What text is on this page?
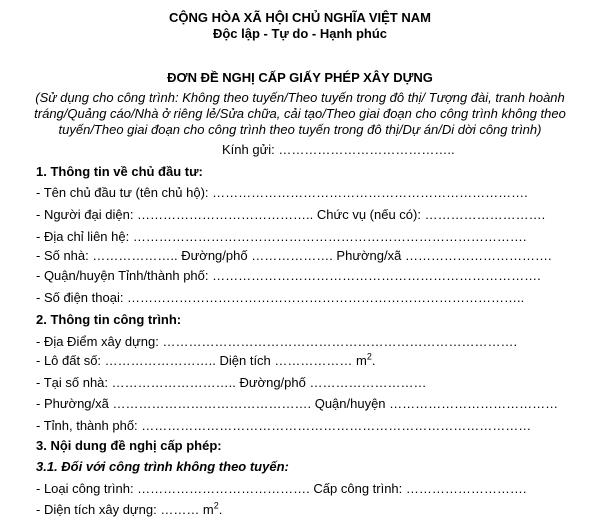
CỘNG HÒA XÃ HỘI CHỦ NGHĨA VIỆT NAM
Độc lập - Tự do - Hạnh phúc
ĐƠN ĐỀ NGHỊ CẤP GIẤY PHÉP XÂY DỰNG
(Sử dụng cho công trình: Không theo tuyến/Theo tuyến trong đô thị/ Tượng đài, tranh hoành
tráng/Quảng cáo/Nhà ở riêng lẻ/Sửa chữa, cải tạo/Theo giai đoạn cho công trình không theo
tuyến/Theo giai đoạn cho công trình theo tuyến trong đô thị/Dự án/Di dời công trình)
Kính gửi: …………………………………..
1. Thông tin về chủ đầu tư:
- Tên chủ đầu tư (tên chủ hộ): ……………………………………………………………….
- Người đại diện: ………………………………….. Chức vụ (nếu có): ……………………….
- Địa chỉ liên hệ: ……………………………………………………………………………….
- Số nhà: ……………….. Đường/phố ………………. Phường/xã …………………………….
- Quận/huyện Tỉnh/thành phố: ………………………………………………………………….
- Số điện thoại: ………………………………………………………………………………..
2. Thông tin công trình:
- Địa Điểm xây dựng: ……………………………………………………………………….
- Lô đất số: …………………….. Diện tích ……………… $m^2$.
- Tại số nhà: ……………………….. Đường/phố ………………………
- Phường/xã ………………………………………. Quận/huyện …………………………………
- Tỉnh, thành phố: ………………………………………………………………………………
3. Nội dung đề nghị cấp phép:
3.1. Đối với công trình không theo tuyến:
- Loại công trình: …………………………………. Cấp công trình: ……………………….
- Diện tích xây dựng: ……… $m^2$.
